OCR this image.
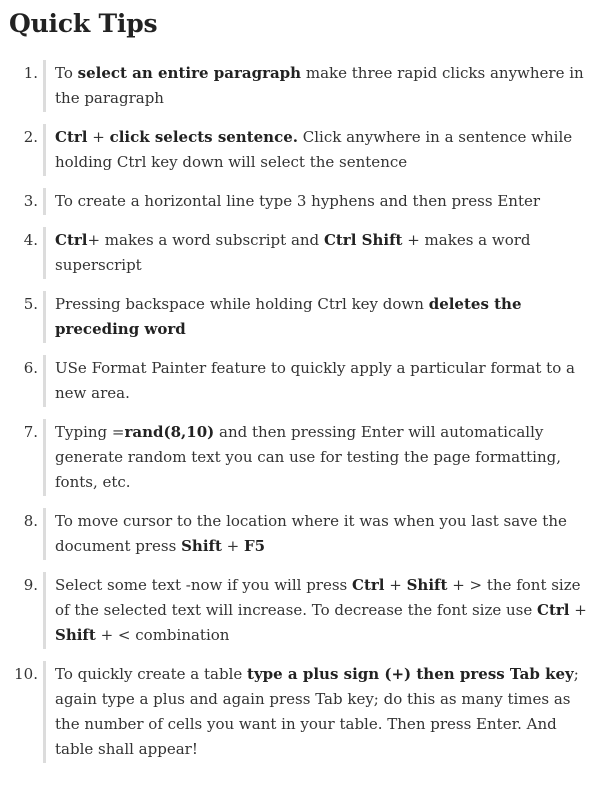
Quick Tips
1. To select an entire paragraph make three rapid clicks anywhere in the paragraph
2. Ctrl + click selects sentence. Click anywhere in a sentence while holding Ctrl key down will select the sentence
3. To create a horizontal line type 3 hyphens and then press Enter
4. Ctrl+ makes a word subscript and Ctrl Shift + makes a word superscript
5. Pressing backspace while holding Ctrl key down deletes the preceding word
6. USe Format Painter feature to quickly apply a particular format to a new area.
7. Typing =rand(8,10) and then pressing Enter will automatically generate random text you can use for testing the page formatting, fonts, etc.
8. To move cursor to the location where it was when you last save the document press Shift + F5
9. Select some text -now if you will press Ctrl + Shift + > the font size of the selected text will increase. To decrease the font size use Ctrl + Shift + < combination
10. To quickly create a table type a plus sign (+) then press Tab key; again type a plus and again press Tab key; do this as many times as the number of cells you want in your table. Then press Enter. And table shall appear!
